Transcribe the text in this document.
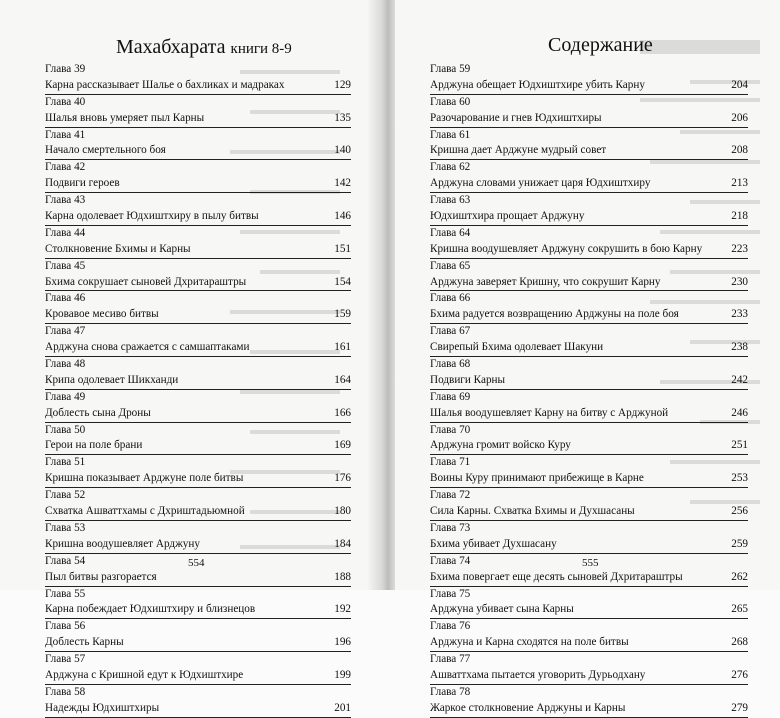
Махабхарата книги 8-9
Глава 39
Карна рассказывает Шалье о бахликах и мадраках	129
Глава 40
Шалья вновь умеряет пыл Карны	135
Глава 41
Начало смертельного боя	140
Глава 42
Подвиги героев	142
Глава 43
Карна одолевает Юдхиштхиру в пылу битвы	146
Глава 44
Столкновение Бхимы и Карны	151
Глава 45
Бхима сокрушает сыновей Дхритараштры	154
Глава 46
Кровавое месиво битвы	159
Глава 47
Арджуна снова сражается с самшаптаками	161
Глава 48
Крипа одолевает Шикханди	164
Глава 49
Доблесть сына Дроны	166
Глава 50
Герои на поле брани	169
Глава 51
Кришна показывает Арджуне поле битвы	176
Глава 52
Схватка Ашваттхамы с Дхриштадьюмной	180
Глава 53
Кришна воодушевляет Арджуну	184
Глава 54
Пыл битвы разгорается	188
Глава 55
Карна побеждает Юдхиштхиру и близнецов	192
Глава 56
Доблесть Карны	196
Глава 57
Арджуна с Кришной едут к Юдхиштхире	199
Глава 58
Надежды Юдхиштхиры	201
554
Содержание
Глава 59
Арджуна обещает Юдхиштхире убить Карну	204
Глава 60
Разочарование и гнев Юдхиштхиры	206
Глава 61
Кришна дает Арджуне мудрый совет	208
Глава 62
Арджуна словами унижает царя Юдхиштхиру	213
Глава 63
Юдхиштхира прощает Арджуну	218
Глава 64
Кришна воодушевляет Арджуну сокрушить в бою Карну	223
Глава 65
Арджуна заверяет Кришну, что сокрушит Карну	230
Глава 66
Бхима радуется возвращению Арджуны на поле боя	233
Глава 67
Свирепый Бхима одолевает Шакуни	238
Глава 68
Подвиги Карны	242
Глава 69
Шалья воодушевляет Карну на битву с Арджуной	246
Глава 70
Арджуна громит войско Куру	251
Глава 71
Воины Куру принимают прибежище в Карне	253
Глава 72
Сила Карны. Схватка Бхимы и Духшасаны	256
Глава 73
Бхима убивает Духшасану	259
Глава 74
Бхима повергает еще десять сыновей Дхритараштры	262
Глава 75
Арджуна убивает сына Карны	265
Глава 76
Арджуна и Карна сходятся на поле битвы	268
Глава 77
Ашваттхама пытается уговорить Дурьодхану	276
Глава 78
Жаркое столкновение Арджуны и Карны	279
555
